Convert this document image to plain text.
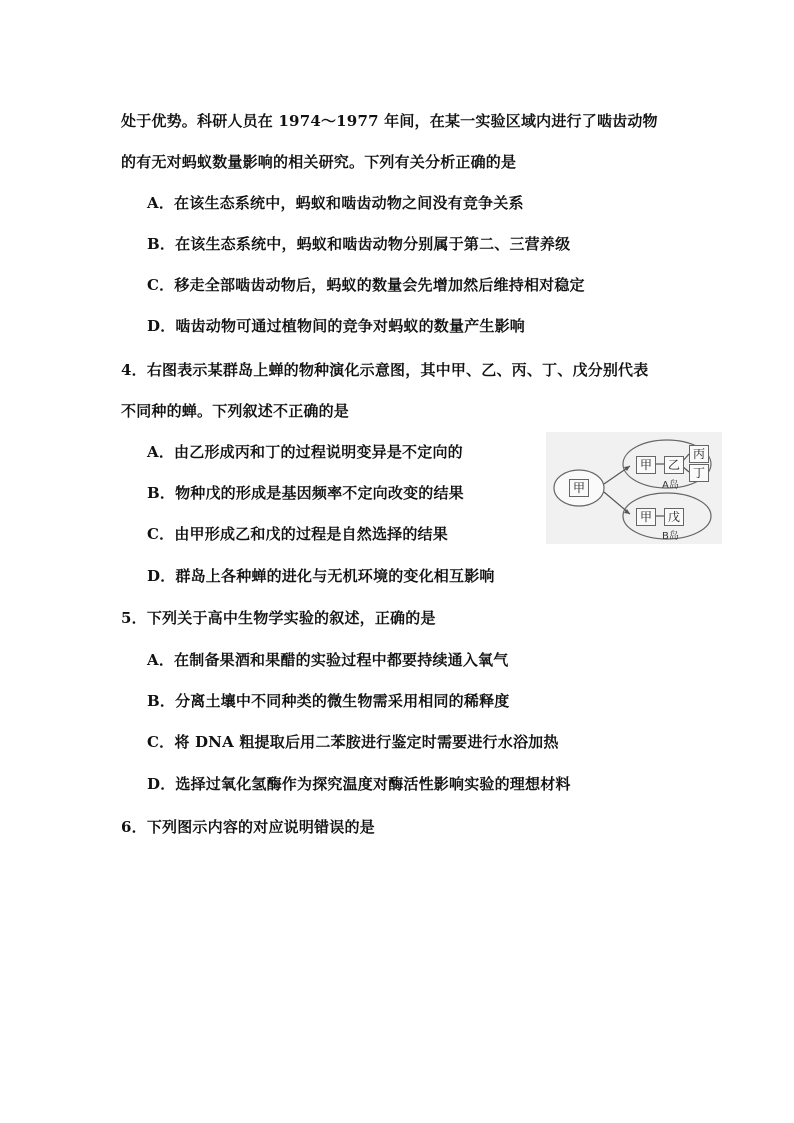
处于优势。科研人员在 1974～1977 年间，在某一实验区域内进行了啮齿动物
的有无对蚂蚁数量影响的相关研究。下列有关分析正确的是
A．在该生态系统中，蚂蚁和啮齿动物之间没有竞争关系
B．在该生态系统中，蚂蚁和啮齿动物分别属于第二、三营养级
C．移走全部啮齿动物后，蚂蚁的数量会先增加然后维持相对稳定
D．啮齿动物可通过植物间的竞争对蚂蚁的数量产生影响
4．右图表示某群岛上蝉的物种演化示意图，其中甲、乙、丙、丁、戊分别代表
不同种的蝉。下列叙述不正确的是
A．由乙形成丙和丁的过程说明变异是不定向的
B．物种戊的形成是基因频率不定向改变的结果
C．由甲形成乙和戊的过程是自然选择的结果
D．群岛上各种蝉的进化与无机环境的变化相互影响
5．下列关于高中生物学实验的叙述，正确的是
A．在制备果酒和果醋的实验过程中都要持续通入氧气
B．分离土壤中不同种类的微生物需采用相同的稀释度
C．将 DNA 粗提取后用二苯胺进行鉴定时需要进行水浴加热
D．选择过氧化氢酶作为探究温度对酶活性影响实验的理想材料
6．下列图示内容的对应说明错误的是
甲
甲	乙
丙
丁
A岛
甲	戊
B岛
